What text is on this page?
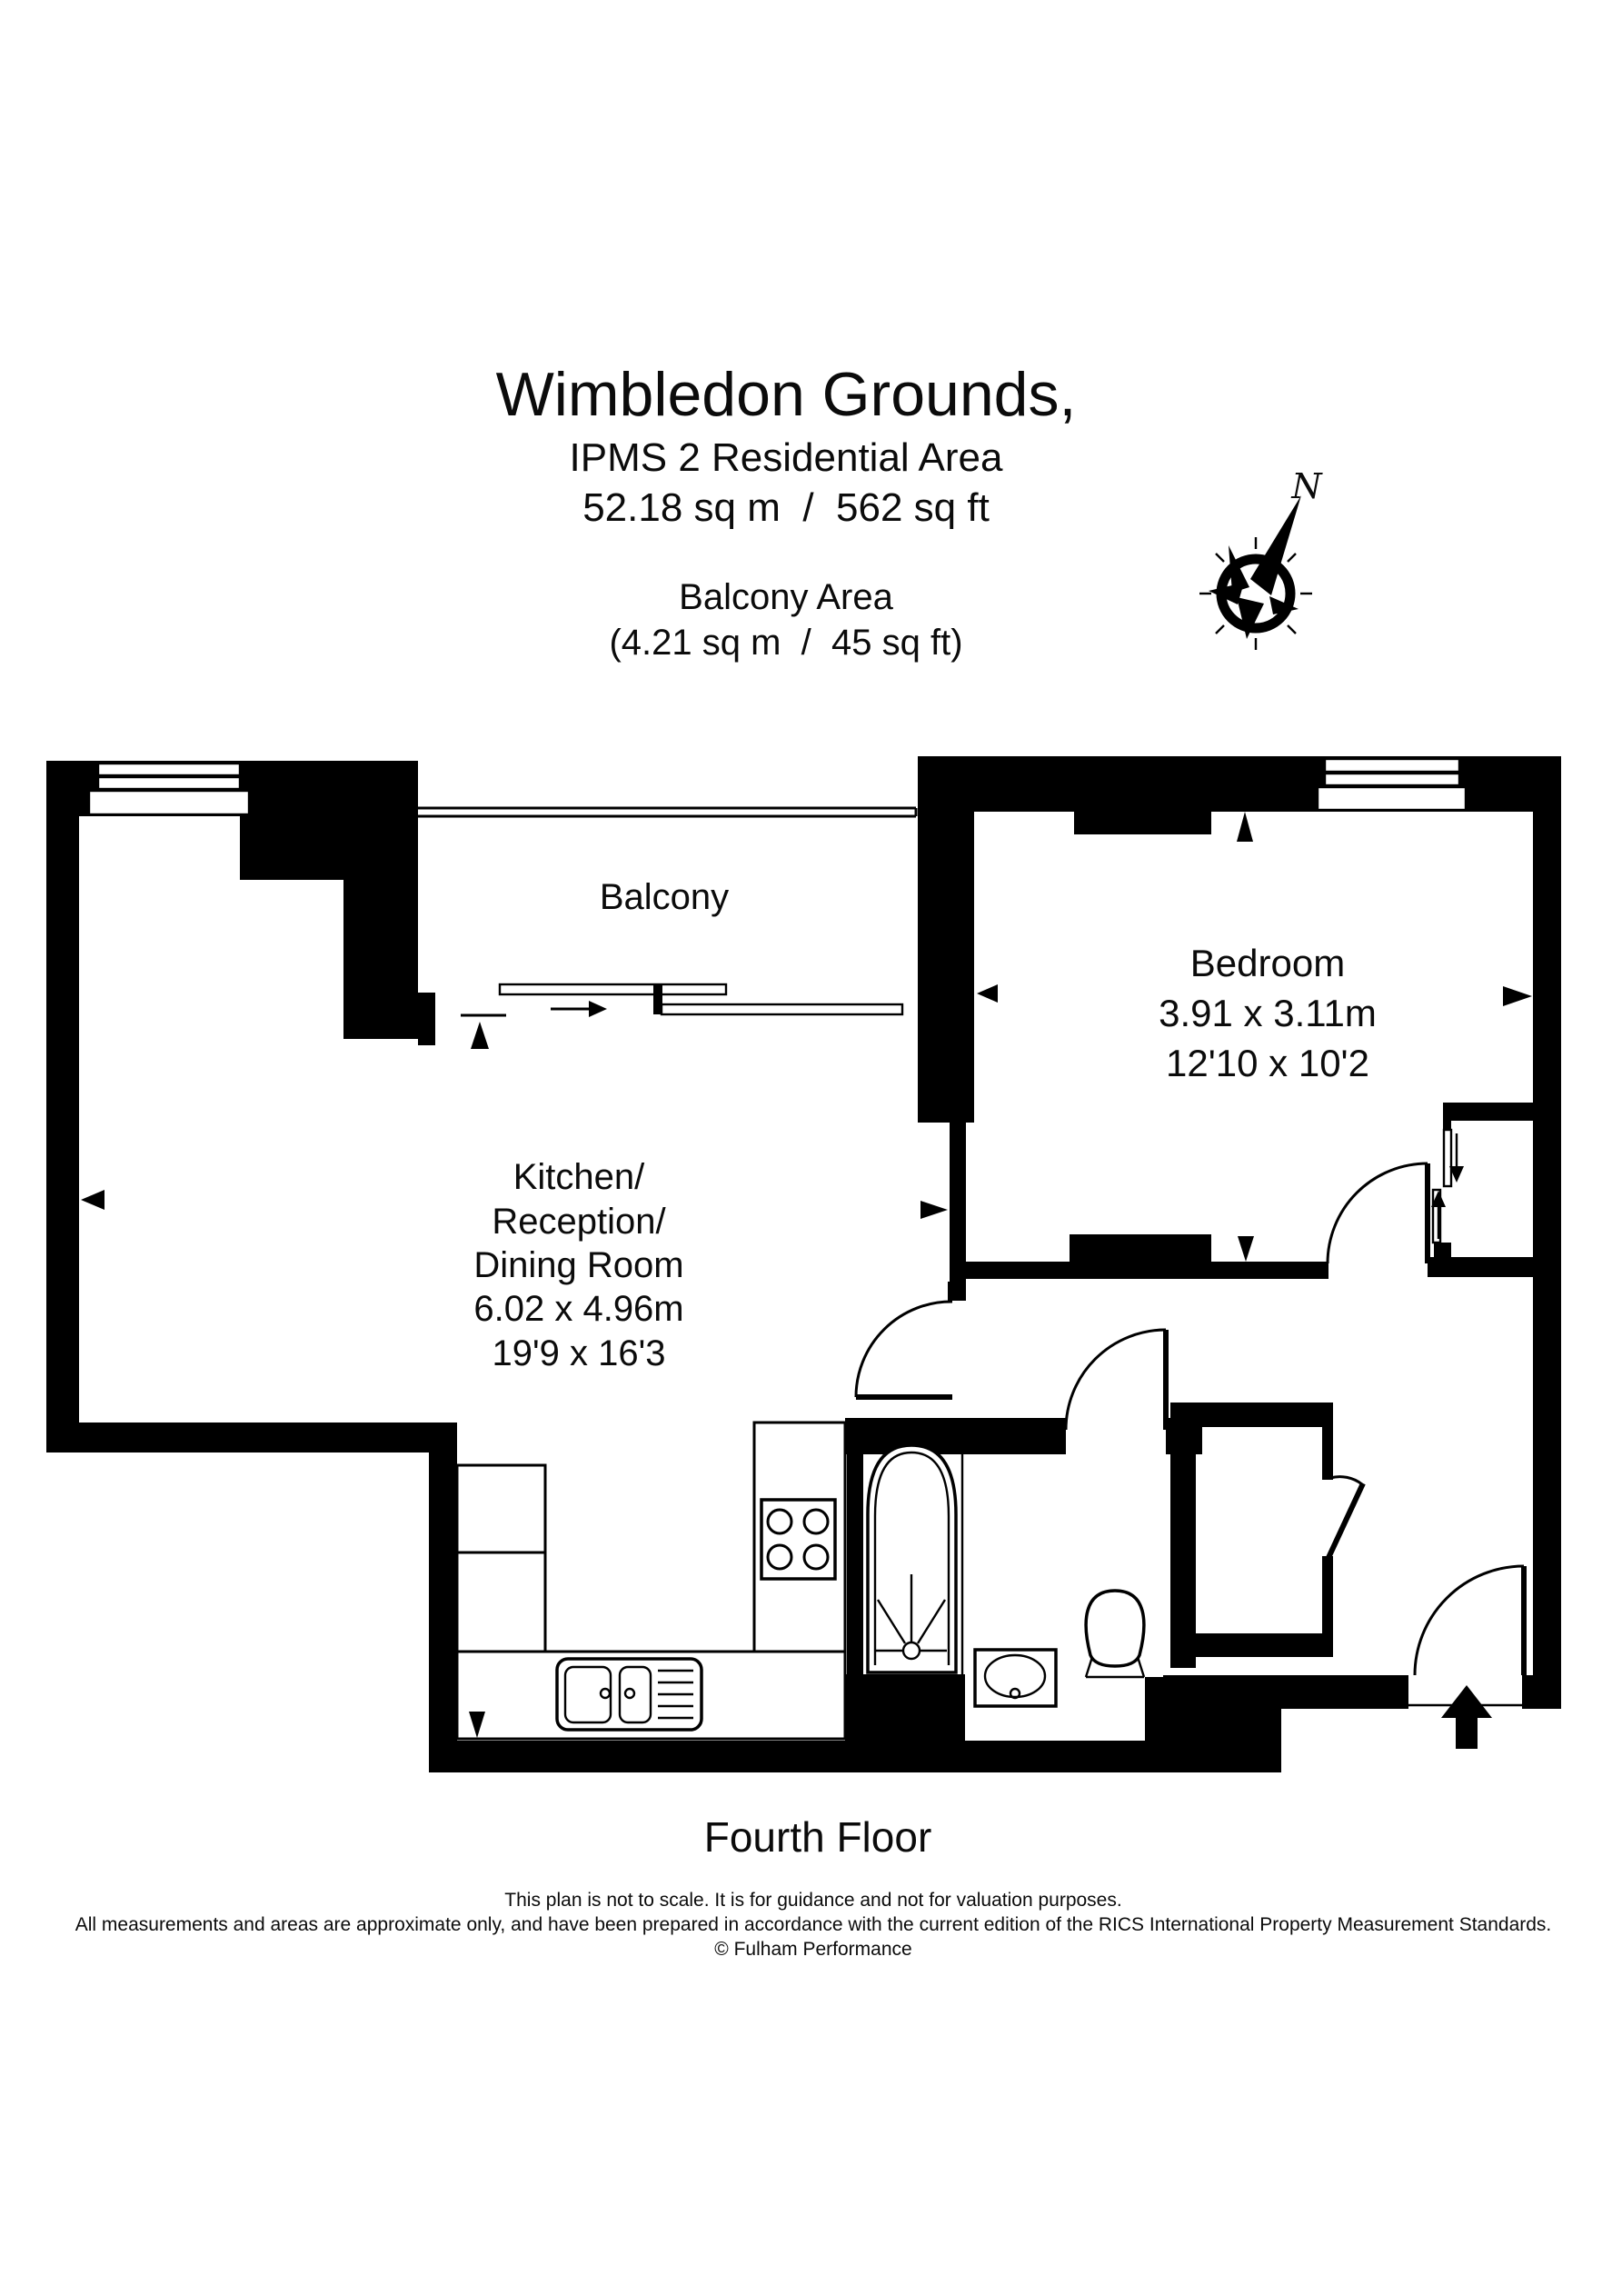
Wimbledon Grounds,
IPMS 2 Residential Area
52.18 sq m  /  562 sq ft
Balcony Area
(4.21 sq m  /  45 sq ft)
N
Balcony
Bedroom
3.91 x 3.11m
12'10 x 10'2
Kitchen/
Reception/
Dining Room
6.02 x 4.96m
19'9 x 16'3
Fourth Floor
This plan is not to scale. It is for guidance and not for valuation purposes.
All measurements and areas are approximate only, and have been prepared in accordance with the current edition of the RICS International Property Measurement Standards.
© Fulham Performance
